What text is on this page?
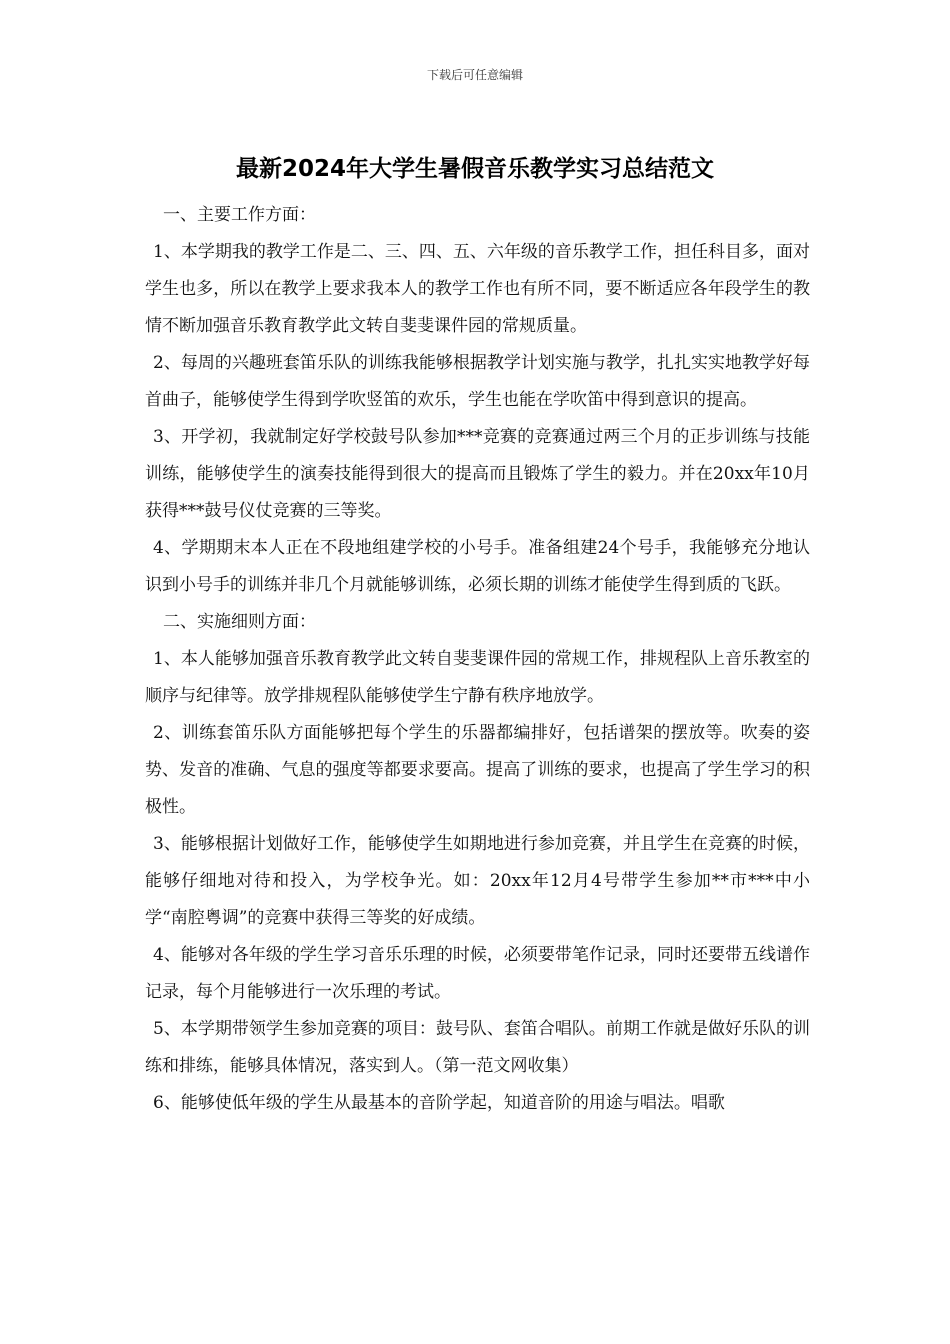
下载后可任意编辑
最新2024年大学生暑假音乐教学实习总结范文

一、主要工作方面：

1、本学期我的教学工作是二、三、四、五、六年级的音乐教学工作，担任科目多，面对学生也多，所以在教学上要求我本人的教学工作也有所不同，要不断适应各年段学生的教情不断加强音乐教育教学此文转自斐斐课件园的常规质量。

2、每周的兴趣班套笛乐队的训练我能够根据教学计划实施与教学，扎扎实实地教学好每首曲子，能够使学生得到学吹竖笛的欢乐，学生也能在学吹笛中得到意识的提高。

3、开学初，我就制定好学校鼓号队参加***竞赛的竞赛通过两三个月的正步训练与技能训练，能够使学生的演奏技能得到很大的提高而且锻炼了学生的毅力。并在20xx年10月获得***鼓号仪仗竞赛的三等奖。

4、学期期末本人正在不段地组建学校的小号手。准备组建24个号手，我能够充分地认识到小号手的训练并非几个月就能够训练，必须长期的训练才能使学生得到质的飞跃。

二、实施细则方面：

1、本人能够加强音乐教育教学此文转自斐斐课件园的常规工作，排规程队上音乐教室的顺序与纪律等。放学排规程队能够使学生宁静有秩序地放学。

2、训练套笛乐队方面能够把每个学生的乐器都编排好，包括谱架的摆放等。吹奏的姿势、发音的准确、气息的强度等都要求要高。提高了训练的要求，也提高了学生学习的积极性。

3、能够根据计划做好工作，能够使学生如期地进行参加竞赛，并且学生在竞赛的时候，能够仔细地对待和投入，为学校争光。如：20xx年12月4号带学生参加**市***中小学“南腔粤调”的竞赛中获得三等奖的好成绩。

4、能够对各年级的学生学习音乐乐理的时候，必须要带笔作记录，同时还要带五线谱作记录，每个月能够进行一次乐理的考试。

5、本学期带领学生参加竞赛的项目：鼓号队、套笛合唱队。前期工作就是做好乐队的训练和排练，能够具体情况，落实到人。（第一范文网收集）

6、能够使低年级的学生从最基本的音阶学起，知道音阶的用途与唱法。唱歌
